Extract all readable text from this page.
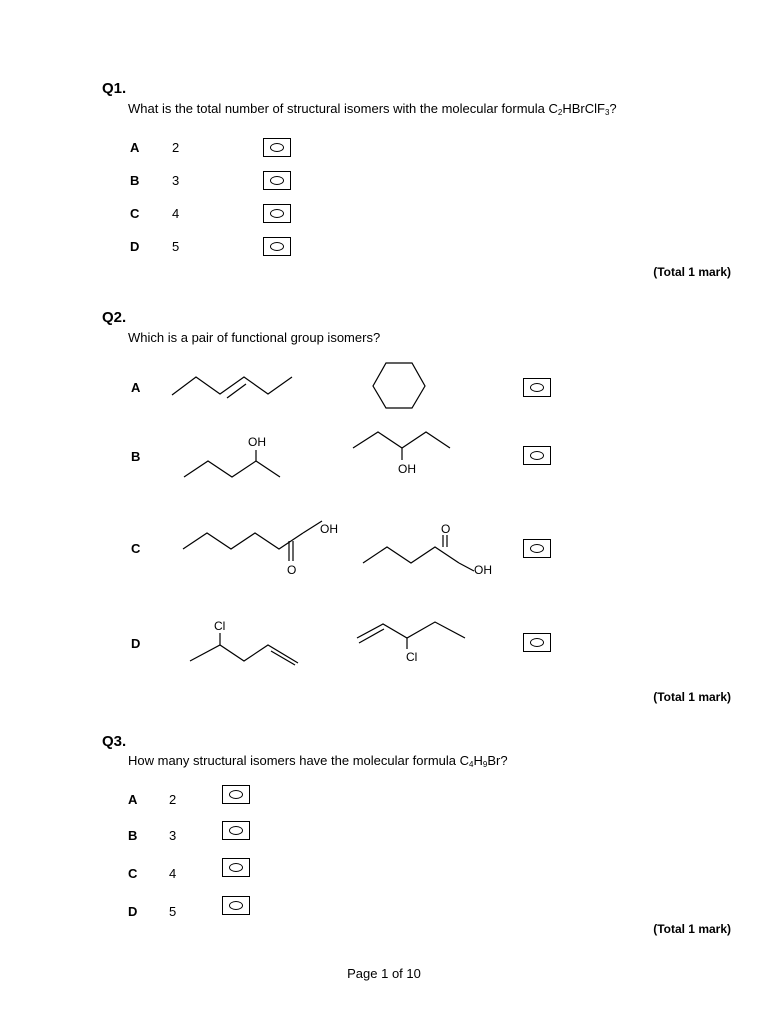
Q1.
What is the total number of structural isomers with the molecular formula $C_2HBrClF_3$?
A	2
B	3
C	4
D	5
(Total 1 mark)
Q2.
Which is a pair of functional group isomers?
A
B
OH
OH
C
OH
O	OH
O
D
Cl
Cl
(Total 1 mark)
Q3.
How many structural isomers have the molecular formula $C_4H_9Br$?
A 2
B 3
C 4
D 5
(Total 1 mark)
Page 1 of 10
